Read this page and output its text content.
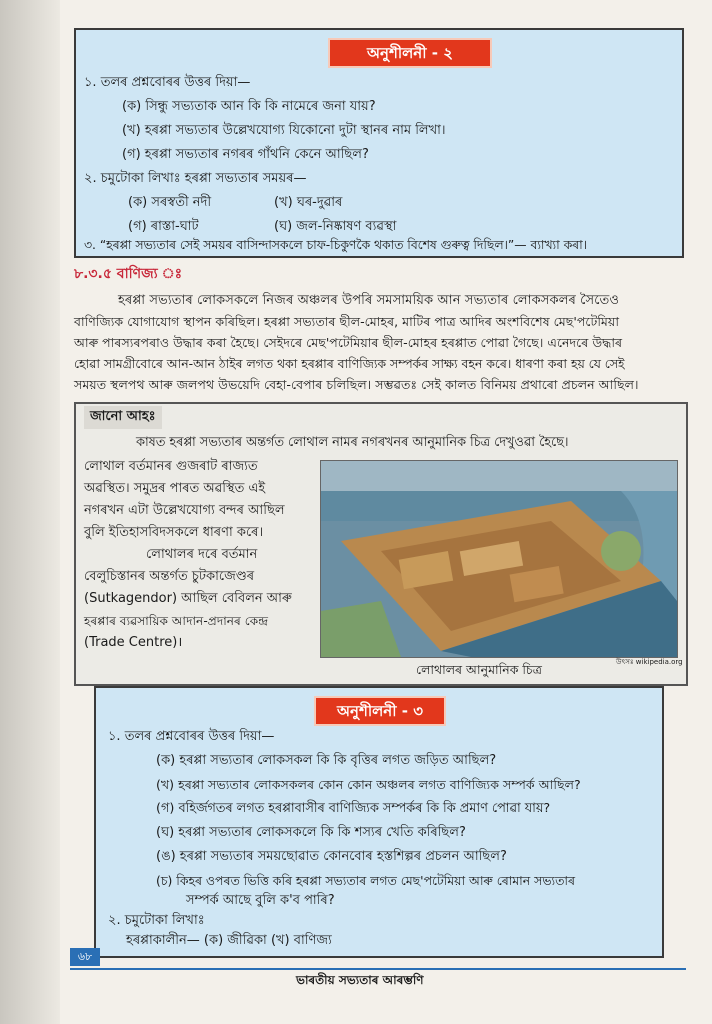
অনুশীলনী - ২
১. তলৰ প্ৰশ্নবোৰৰ উত্তৰ দিয়া—
(ক) সিন্ধু সভ্যতাক আন কি কি নামেৰে জনা যায়?
(খ) হৰপ্পা সভ্যতাৰ উল্লেখযোগ্য যিকোনো দুটা স্থানৰ নাম লিখা।
(গ) হৰপ্পা সভ্যতাৰ নগৰৰ গাঁথনি কেনে আছিল?
২. চমুটোকা লিখাঃ হৰপ্পা সভ্যতাৰ সময়ৰ—
(ক) সৰস্বতী নদী	(খ) ঘৰ-দুৱাৰ
(গ) ৰাস্তা-ঘাট	(ঘ) জল-নিষ্কাষণ ব্যৱস্থা
৩. “হৰপ্পা সভ্যতাৰ সেই সময়ৰ বাসিন্দাসকলে চাফ-চিকুণকৈ থকাত বিশেষ গুৰুত্ব দিছিল।”— ব্যাখ্যা কৰা।
৮.৩.৫ বাণিজ্য ঃ
হৰপ্পা সভ্যতাৰ লোকসকলে নিজৰ অঞ্চলৰ উপৰি সমসাময়িক আন সভ্যতাৰ লোকসকলৰ সৈতেও
বাণিজ্যিক যোগাযোগ স্থাপন কৰিছিল। হৰপ্পা সভ্যতাৰ ছীল-মোহৰ, মাটিৰ পাত্ৰ আদিৰ অংশবিশেষ মেছ'পটেমিয়া
আৰু পাৰস্যৰপৰাও উদ্ধাৰ কৰা হৈছে। সেইদৰে মেছ'পটেমিয়াৰ ছীল-মোহৰ হৰপ্পাত পোৱা গৈছে। এনেদৰে উদ্ধাৰ
হোৱা সামগ্ৰীবোৰে আন-আন ঠাইৰ লগত থকা হৰপ্পাৰ বাণিজ্যিক সম্পৰ্কৰ সাক্ষ্য বহন কৰে। ধাৰণা কৰা হয় যে সেই
সময়ত স্থলপথ আৰু জলপথ উভয়েদি বেহা-বেপাৰ চলিছিল। সম্ভৱতঃ সেই কালত বিনিময় প্ৰথাৰো প্ৰচলন আছিল।
জানো আহঃ
কাষত হৰপ্পা সভ্যতাৰ অন্তৰ্গত লোথাল নামৰ নগৰখনৰ আনুমানিক চিত্ৰ দেখুওৱা হৈছে।
লোথাল বৰ্তমানৰ গুজৰাট ৰাজ্যত
অৱস্থিত। সমুদ্ৰৰ পাৰত অৱস্থিত এই
নগৰখন এটা উল্লেখযোগ্য বন্দৰ আছিল
বুলি ইতিহাসবিদসকলে ধাৰণা কৰে।
লোথালৰ দৰে বৰ্তমান
বেলুচিস্তানৰ অন্তৰ্গত চুটকাজেণ্ডৰ
(Sutkagendor) আছিল বেবিলন আৰু
হৰপ্পাৰ ব্যৱসায়িক আদান-প্ৰদানৰ কেন্দ্ৰ
(Trade Centre)।
উৎসঃ wikipedia.org
লোথালৰ আনুমানিক চিত্ৰ
অনুশীলনী - ৩
১. তলৰ প্ৰশ্নবোৰৰ উত্তৰ দিয়া—
(ক) হৰপ্পা সভ্যতাৰ লোকসকল কি কি বৃত্তিৰ লগত জড়িত আছিল?
(খ) হৰপ্পা সভ্যতাৰ লোকসকলৰ কোন কোন অঞ্চলৰ লগত বাণিজ্যিক সম্পৰ্ক আছিল?
(গ) বহিৰ্জগতৰ লগত হৰপ্পাবাসীৰ বাণিজ্যিক সম্পৰ্কৰ কি কি প্ৰমাণ পোৱা যায়?
(ঘ) হৰপ্পা সভ্যতাৰ লোকসকলে কি কি শস্যৰ খেতি কৰিছিল?
(ঙ) হৰপ্পা সভ্যতাৰ সময়ছোৱাত কোনবোৰ হস্তশিল্পৰ প্ৰচলন আছিল?
(চ) কিহৰ ওপৰত ভিত্তি কৰি হৰপ্পা সভ্যতাৰ লগত মেছ'পটেমিয়া আৰু ৰোমান সভ্যতাৰ
সম্পৰ্ক আছে বুলি ক'ব পাৰি?
২. চমুটোকা লিখাঃ
হৰপ্পাকালীন— (ক) জীৱিকা (খ) বাণিজ্য
৬৮
ভাৰতীয় সভ্যতাৰ আৰম্ভণি
